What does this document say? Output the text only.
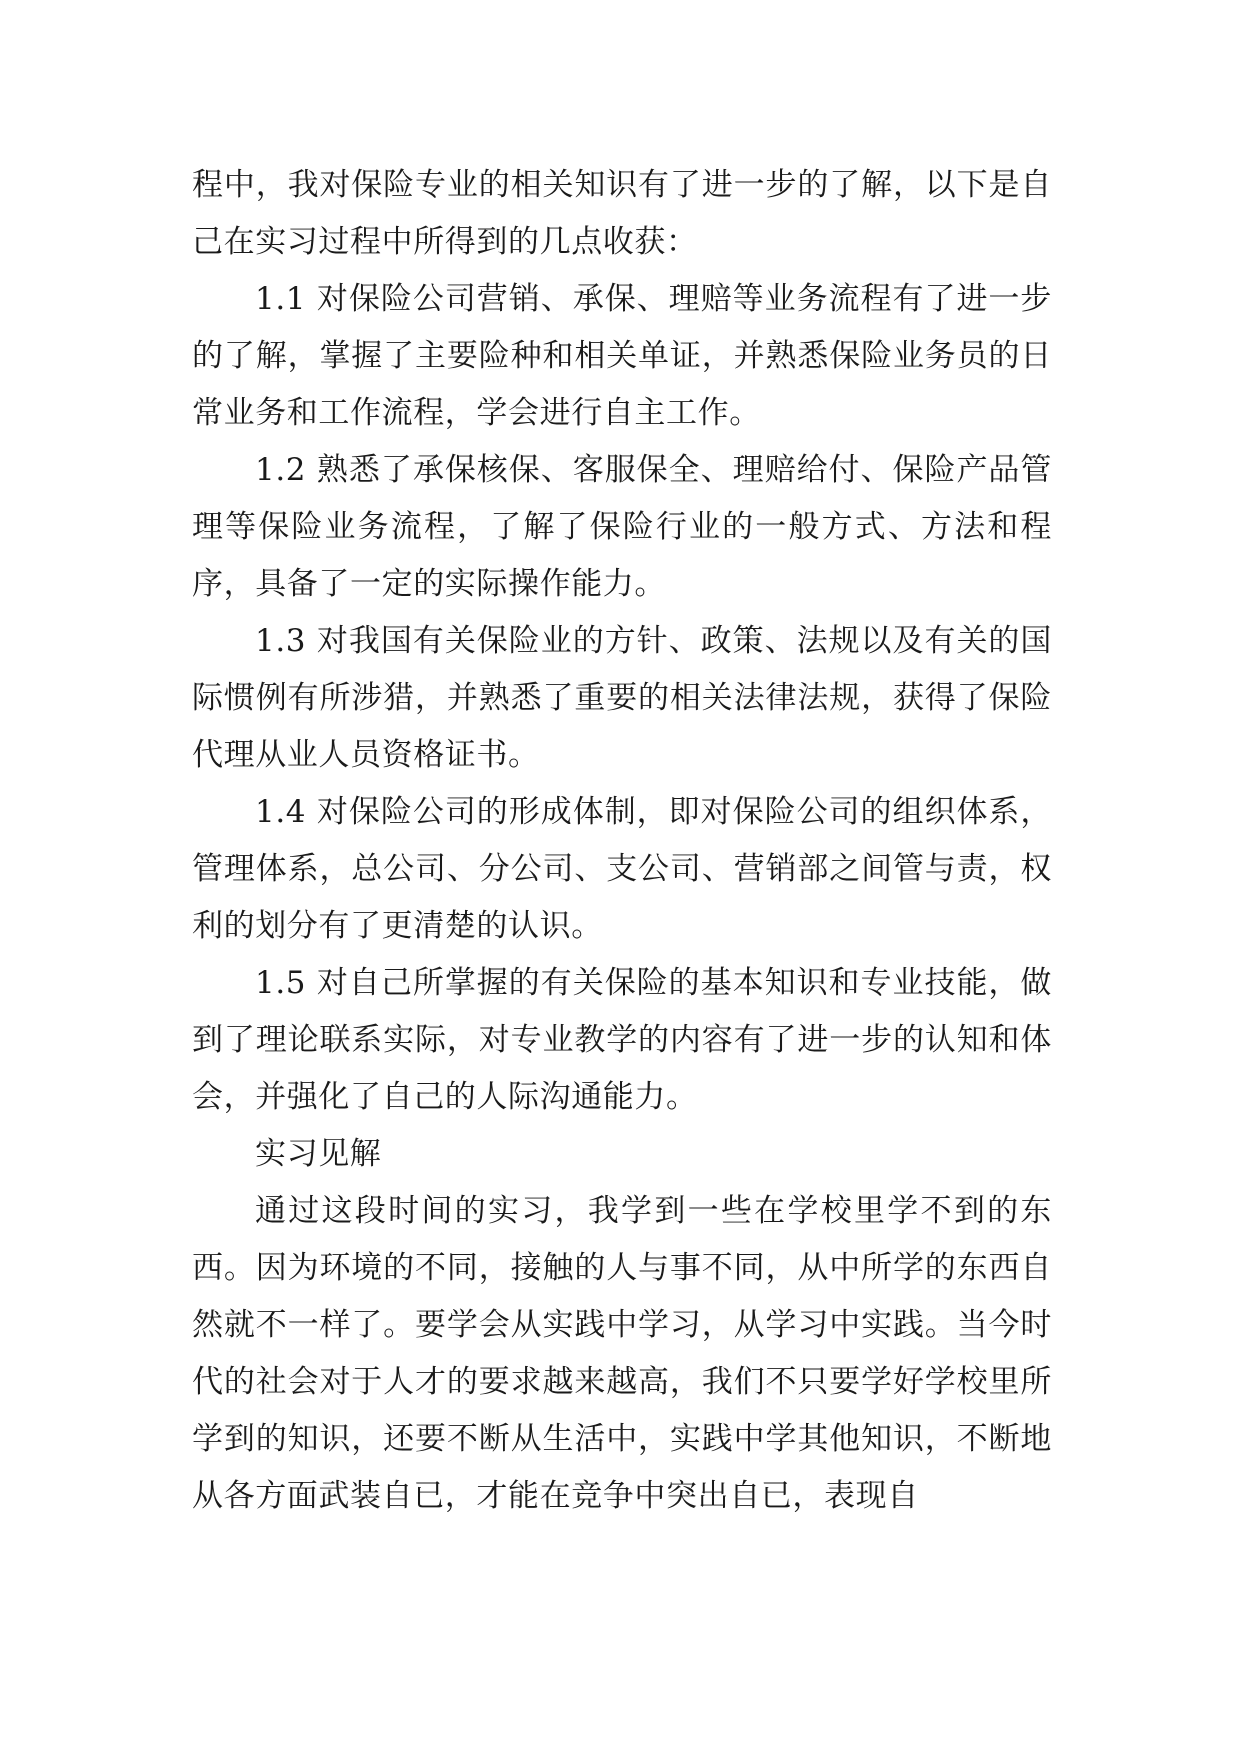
程中，我对保险专业的相关知识有了进一步的了解，以下是自己在实习过程中所得到的几点收获：

1.1 对保险公司营销、承保、理赔等业务流程有了进一步的了解，掌握了主要险种和相关单证，并熟悉保险业务员的日常业务和工作流程，学会进行自主工作。

1.2 熟悉了承保核保、客服保全、理赔给付、保险产品管理等保险业务流程，了解了保险行业的一般方式、方法和程序，具备了一定的实际操作能力。

1.3 对我国有关保险业的方针、政策、法规以及有关的国际惯例有所涉猎，并熟悉了重要的相关法律法规，获得了保险代理从业人员资格证书。

1.4 对保险公司的形成体制，即对保险公司的组织体系，管理体系，总公司、分公司、支公司、营销部之间管与责，权利的划分有了更清楚的认识。

1.5 对自己所掌握的有关保险的基本知识和专业技能，做到了理论联系实际，对专业教学的内容有了进一步的认知和体会，并强化了自己的人际沟通能力。

实习见解

通过这段时间的实习，我学到一些在学校里学不到的东西。因为环境的不同，接触的人与事不同，从中所学的东西自然就不一样了。要学会从实践中学习，从学习中实践。当今时代的社会对于人才的要求越来越高，我们不只要学好学校里所学到的知识，还要不断从生活中，实践中学其他知识，不断地从各方面武装自已，才能在竞争中突出自已，表现自
